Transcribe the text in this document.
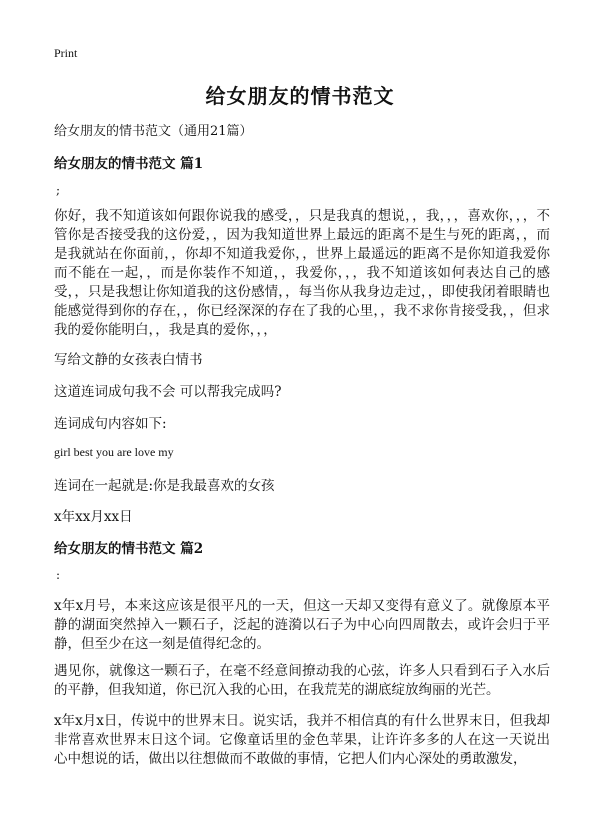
Print
给女朋友的情书范文
给女朋友的情书范文（通用21篇）
给女朋友的情书范文 篇1
;

你好，我不知道该如何跟你说我的感受，，只是我真的想说，，我，，，喜欢你，，，不管你是否接受我的这份爱，，因为我知道世界上最远的距离不是生与死的距离，，而是我就站在你面前，，你却不知道我爱你，，世界上最遥远的距离不是你知道我爱你而不能在一起，，而是你装作不知道，，我爱你，，，我不知道该如何表达自己的感受，，只是我想让你知道我的这份感情，，每当你从我身边走过，，即使我闭着眼睛也能感觉得到你的存在，，你已经深深的存在了我的心里，，我不求你肯接受我，，但求我的爱你能明白，，我是真的爱你，，，

写给文静的女孩表白情书
这道连词成句我不会 可以帮我完成吗?
连词成句内容如下:
girl best you are love my
连词在一起就是:你是我最喜欢的女孩
x年xx月xx日
给女朋友的情书范文 篇2
:

x年x月号，本来这应该是很平凡的一天，但这一天却又变得有意义了。就像原本平静的湖面突然掉入一颗石子，泛起的涟漪以石子为中心向四周散去，或许会归于平静，但至少在这一刻是值得纪念的。

遇见你，就像这一颗石子，在毫不经意间撩动我的心弦，许多人只看到石子入水后的平静，但我知道，你已沉入我的心田，在我荒芜的湖底绽放绚丽的光芒。

x年x月x日，传说中的世界末日。说实话，我并不相信真的有什么世界末日，但我却非常喜欢世界末日这个词。它像童话里的金色苹果，让许许多多的人在这一天说出心中想说的话，做出以往想做而不敢做的事情，它把人们内心深处的勇敢激发，
